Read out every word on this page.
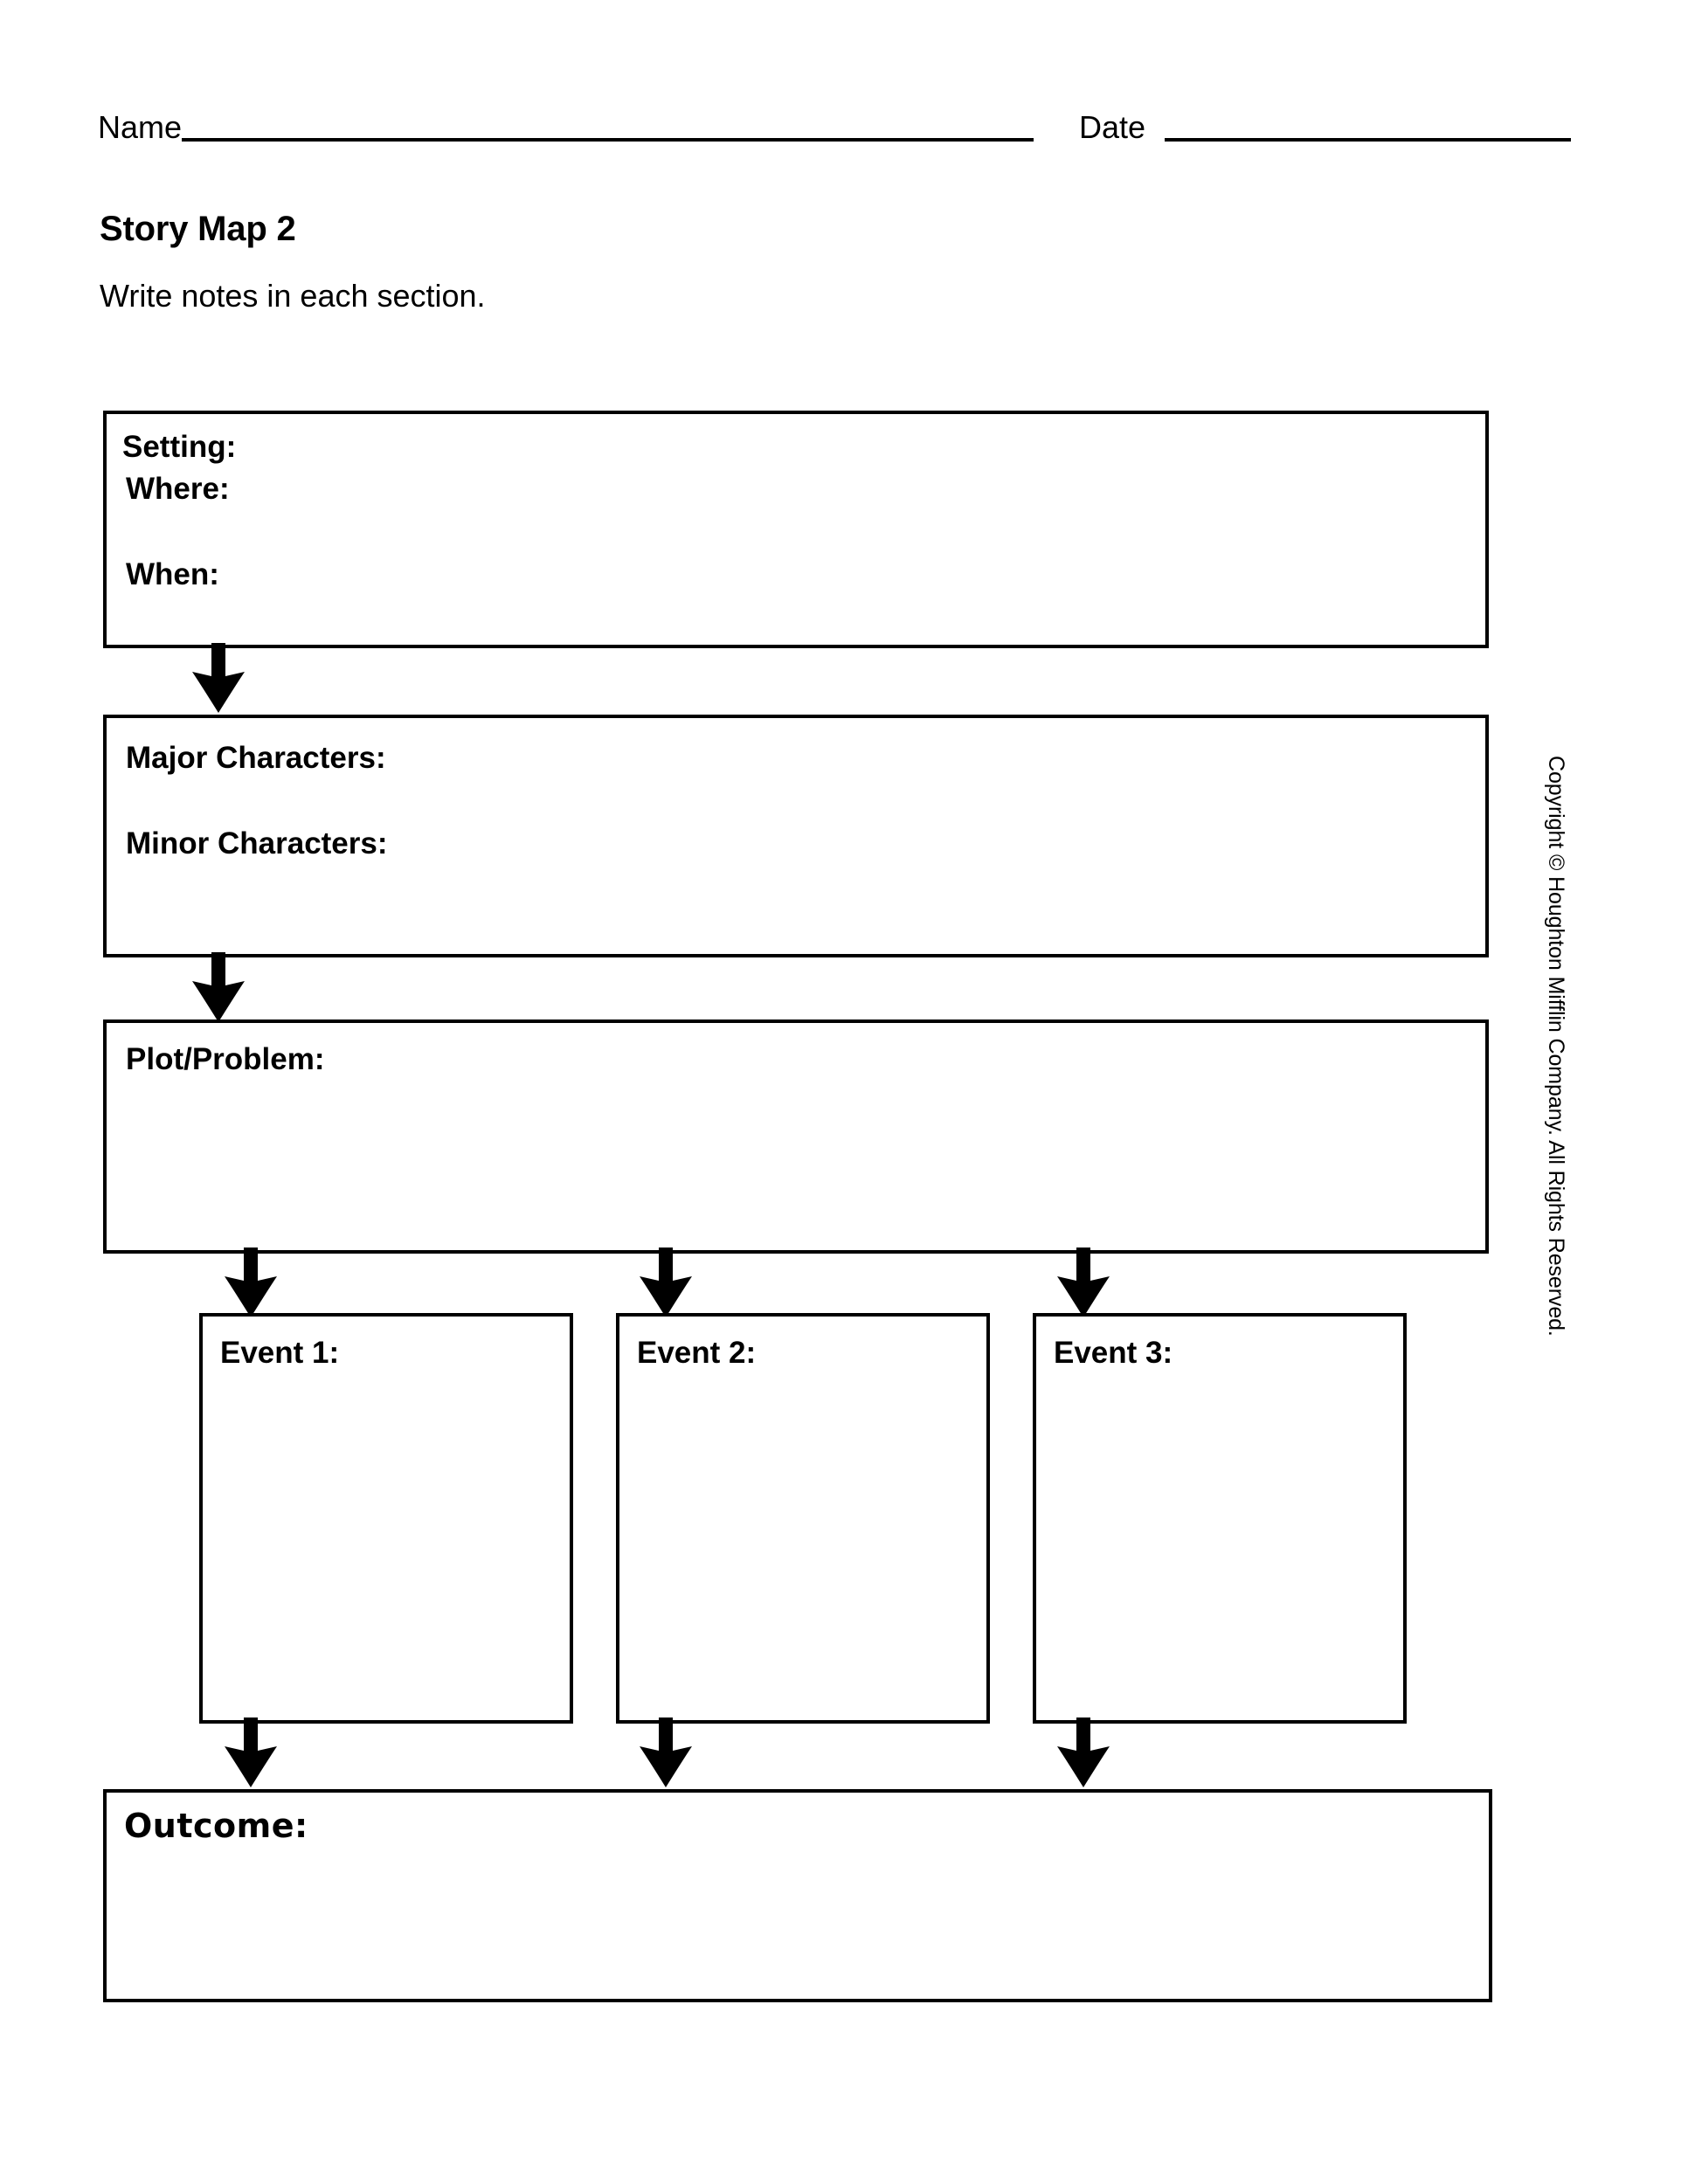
Name	Date
Story Map 2
Write notes in each section.
Setting:
Where:
When:
Major Characters:
Minor Characters:
Plot/Problem:
Event 1:	Event 2:	Event 3:
Outcome:
Copyright © Houghton Mifflin Company. All Rights Reserved.
